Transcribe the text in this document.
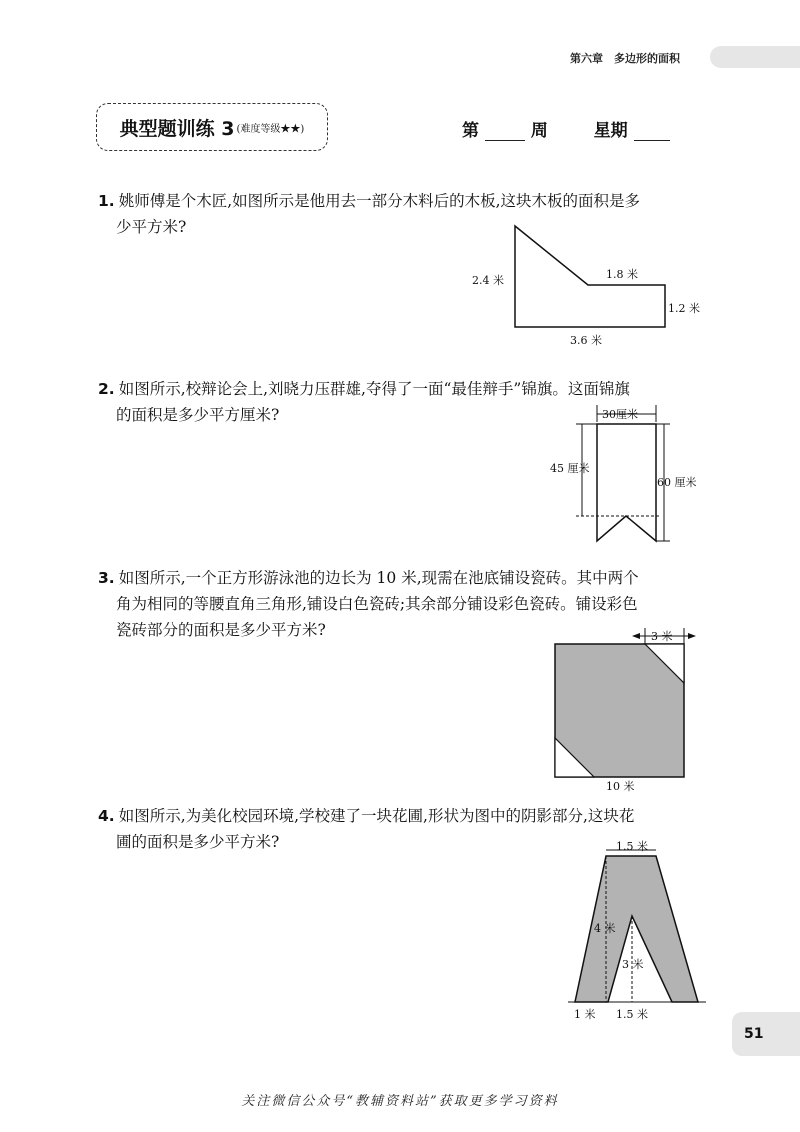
第六章　多边形的面积
典型题训练 3 (难度等级★★)	第	周	星期
1. 姚师傅是个木匠,如图所示是他用去一部分木料后的木板,这块木板的面积是多
少平方米?
2.4 米	1.8 米
1.2 米
3.6 米
2. 如图所示,校辩论会上,刘晓力压群雄,夺得了一面“最佳辩手”锦旗。这面锦旗
的面积是多少平方厘米?	30厘米
45 厘米
60 厘米
3. 如图所示,一个正方形游泳池的边长为 10 米,现需在池底铺设瓷砖。其中两个
角为相同的等腰直角三角形,铺设白色瓷砖;其余部分铺设彩色瓷砖。铺设彩色
瓷砖部分的面积是多少平方米?	3 米
10 米
4. 如图所示,为美化校园环境,学校建了一块花圃,形状为图中的阴影部分,这块花
圃的面积是多少平方米?	1.5 米
4 米
3 米
1 米 1.5 米
51
关注微信公众号“教辅资料站”获取更多学习资料
